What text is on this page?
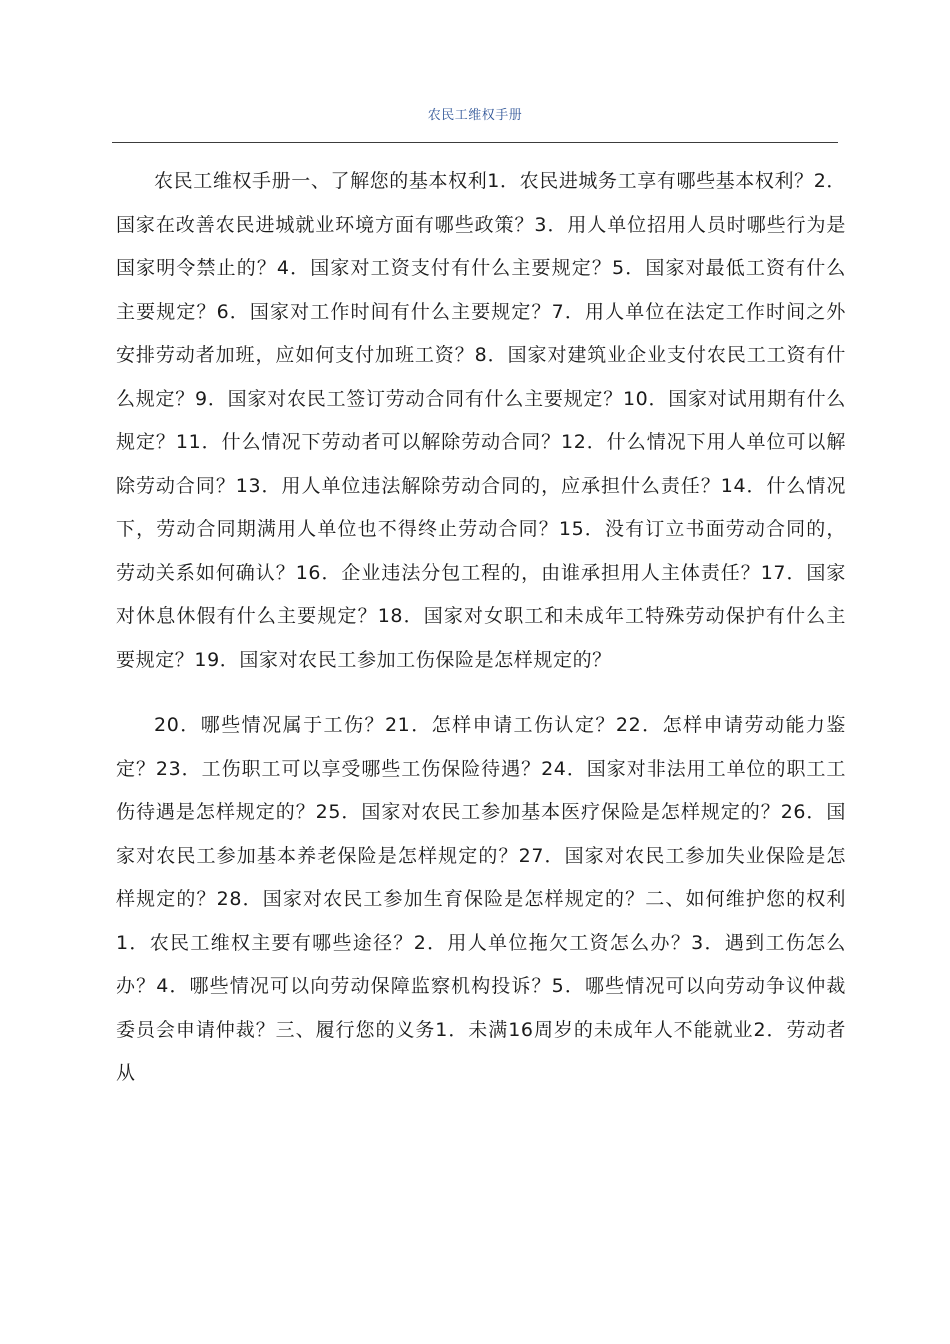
农民工维权手册

农民工维权手册一、了解您的基本权利1．农民进城务工享有哪些基本权利？2．国家在改善农民进城就业环境方面有哪些政策？3．用人单位招用人员时哪些行为是国家明令禁止的？4．国家对工资支付有什么主要规定？5．国家对最低工资有什么主要规定？6．国家对工作时间有什么主要规定？7．用人单位在法定工作时间之外安排劳动者加班，应如何支付加班工资？8．国家对建筑业企业支付农民工工资有什么规定？9．国家对农民工签订劳动合同有什么主要规定？10．国家对试用期有什么规定？11．什么情况下劳动者可以解除劳动合同？12．什么情况下用人单位可以解除劳动合同？13．用人单位违法解除劳动合同的，应承担什么责任？14．什么情况下，劳动合同期满用人单位也不得终止劳动合同？15．没有订立书面劳动合同的，劳动关系如何确认？16．企业违法分包工程的，由谁承担用人主体责任？17．国家对休息休假有什么主要规定？18．国家对女职工和未成年工特殊劳动保护有什么主要规定？19．国家对农民工参加工伤保险是怎样规定的？

20．哪些情况属于工伤？21．怎样申请工伤认定？22．怎样申请劳动能力鉴定？23．工伤职工可以享受哪些工伤保险待遇？24．国家对非法用工单位的职工工伤待遇是怎样规定的？25．国家对农民工参加基本医疗保险是怎样规定的？26．国家对农民工参加基本养老保险是怎样规定的？27．国家对农民工参加失业保险是怎样规定的？28．国家对农民工参加生育保险是怎样规定的？二、如何维护您的权利 1．农民工维权主要有哪些途径？2．用人单位拖欠工资怎么办？3．遇到工伤怎么办？4．哪些情况可以向劳动保障监察机构投诉？5．哪些情况可以向劳动争议仲裁委员会申请仲裁？三、履行您的义务1．未满16周岁的未成年人不能就业2．劳动者从
